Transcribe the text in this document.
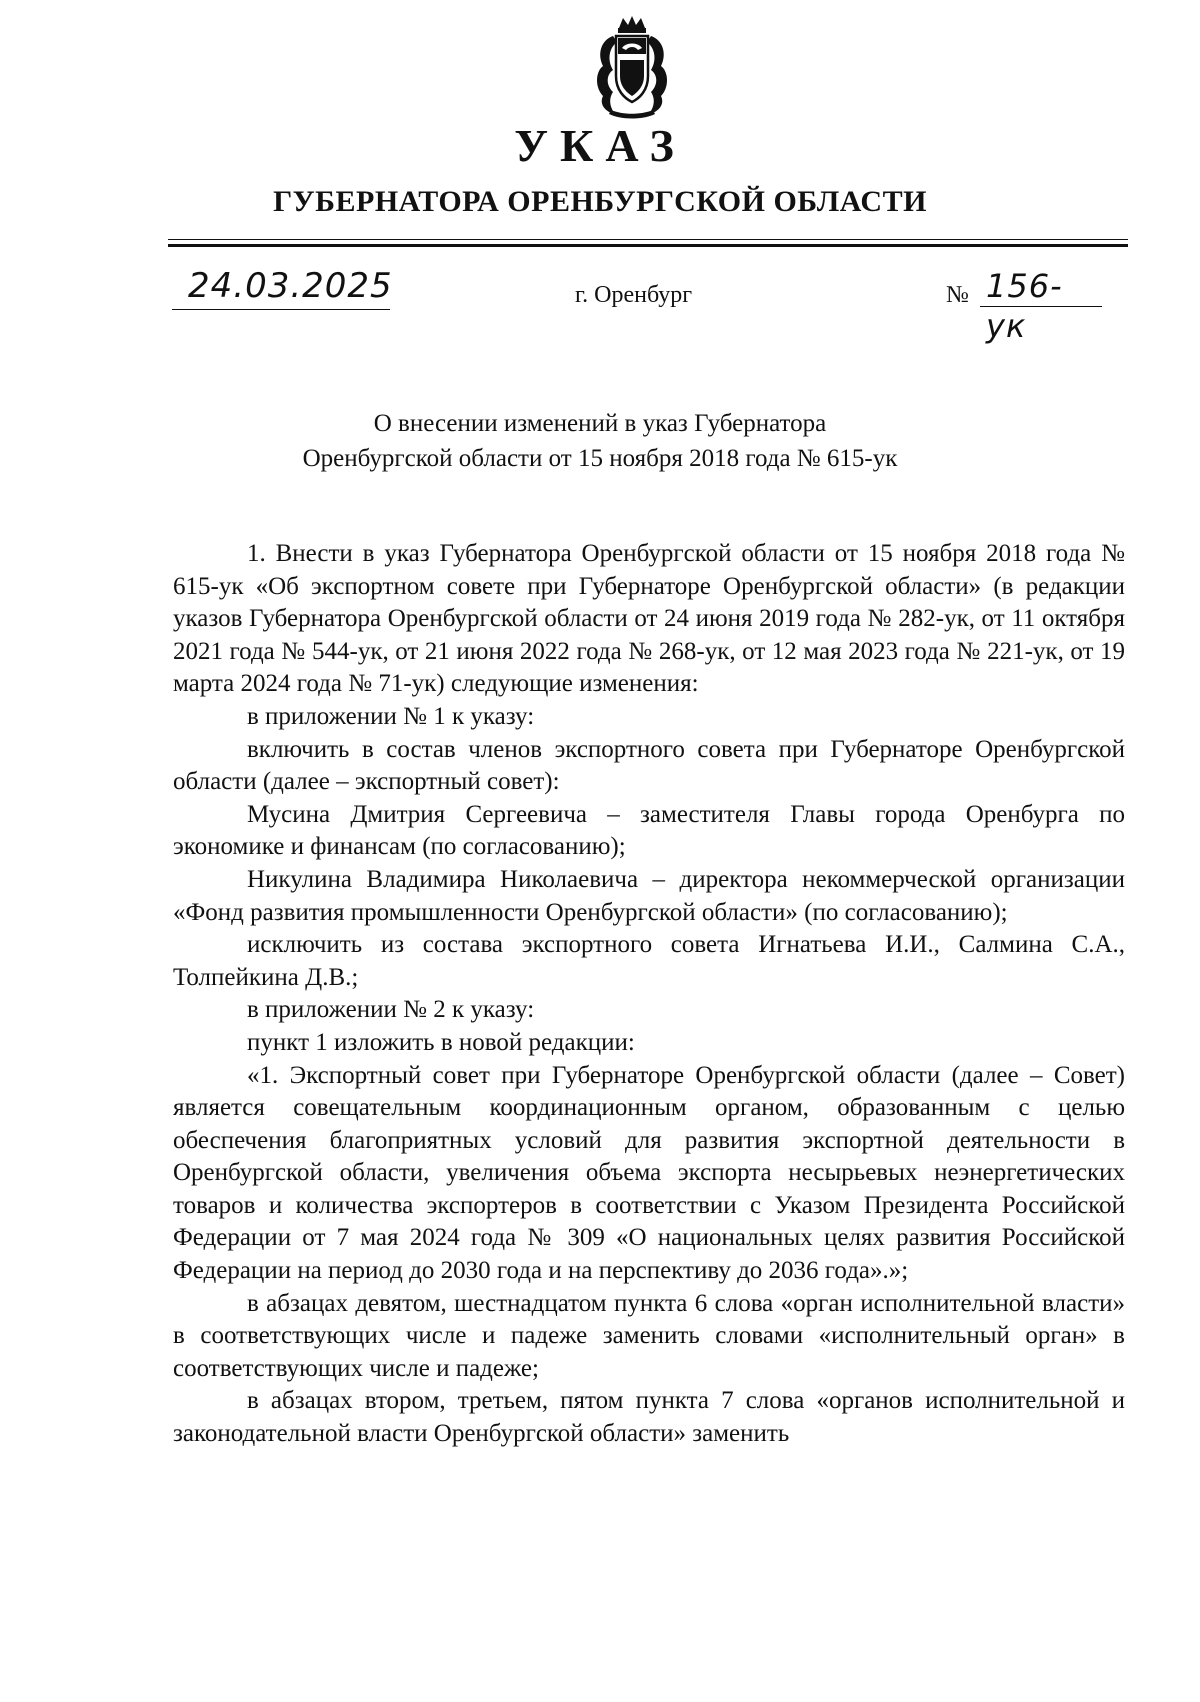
УКАЗ
ГУБЕРНАТОРА ОРЕНБУРГСКОЙ ОБЛАСТИ
24.03.2025	г. Оренбург	№ 156-ук
О внесении изменений в указ Губернатора
Оренбургской области от 15 ноября 2018 года № 615-ук

1. Внести в указ Губернатора Оренбургской области от 15 ноября 2018 года № 615-ук «Об экспортном совете при Губернаторе Оренбургской области» (в редакции указов Губернатора Оренбургской области от 24 июня 2019 года № 282-ук, от 11 октября 2021 года № 544-ук, от 21 июня 2022 года № 268-ук, от 12 мая 2023 года № 221-ук, от 19 марта 2024 года № 71-ук) следующие изменения:

в приложении № 1 к указу:

включить в состав членов экспортного совета при Губернаторе Оренбургской области (далее – экспортный совет):

Мусина Дмитрия Сергеевича – заместителя Главы города Оренбурга по экономике и финансам (по согласованию);

Никулина Владимира Николаевича – директора некоммерческой организации «Фонд развития промышленности Оренбургской области» (по согласованию);

исключить из состава экспортного совета Игнатьева И.И., Салмина С.А., Толпейкина Д.В.;

в приложении № 2 к указу:

пункт 1 изложить в новой редакции:

«1. Экспортный совет при Губернаторе Оренбургской области (далее – Совет) является совещательным координационным органом, образованным с целью обеспечения благоприятных условий для развития экспортной деятельности в Оренбургской области, увеличения объема экспорта несырьевых неэнергетических товаров и количества экспортеров в соответствии с Указом Президента Российской Федерации от 7 мая 2024 года № 309 «О национальных целях развития Российской Федерации на период до 2030 года и на перспективу до 2036 года».»;

в абзацах девятом, шестнадцатом пункта 6 слова «орган исполнительной власти» в соответствующих числе и падеже заменить словами «исполнительный орган» в соответствующих числе и падеже;

в абзацах втором, третьем, пятом пункта 7 слова «органов исполнительной и законодательной власти Оренбургской области» заменить
